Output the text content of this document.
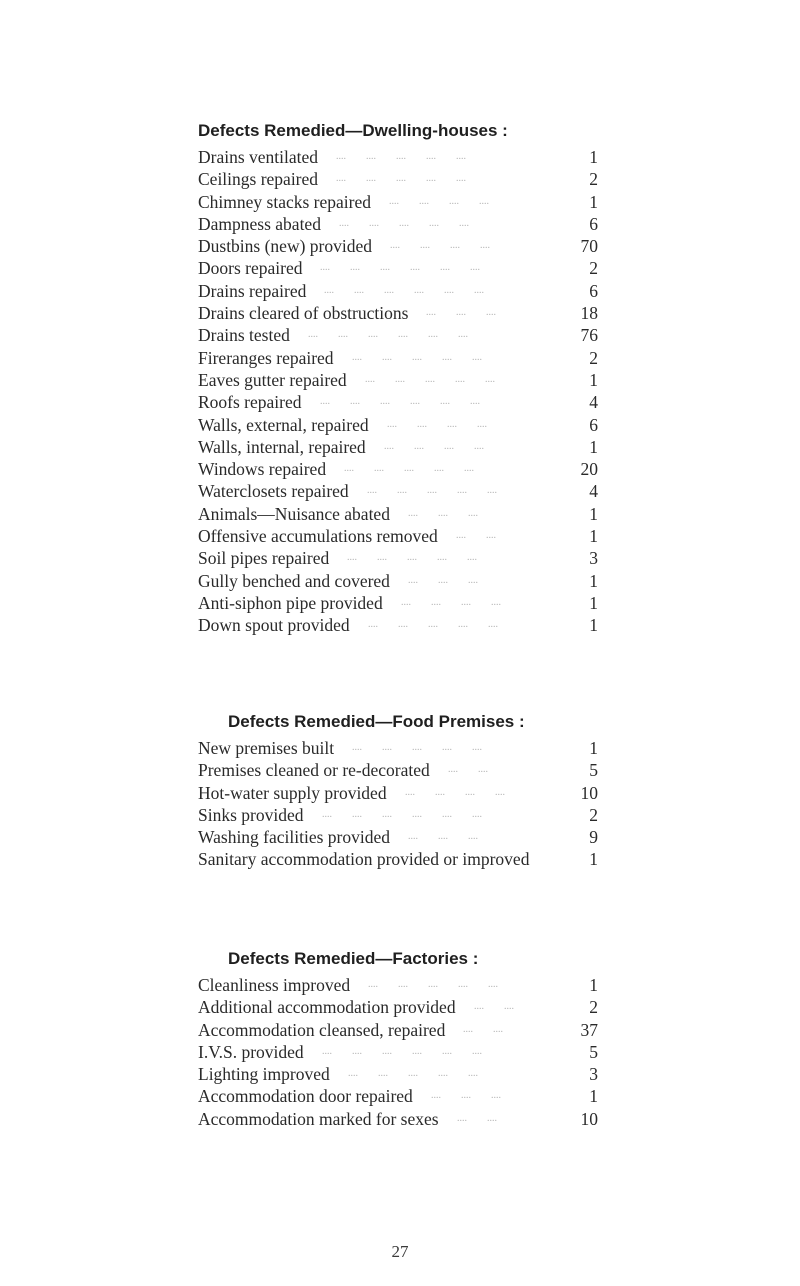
Defects Remedied—Dwelling-houses :
Drains ventilated ....  ....  ....  ....  ....  	1
Ceilings repaired ....  ....  ....  ....  ....  	2
Chimney stacks repaired ....  ....  ....  ....  	1
Dampness abated ....  ....  ....  ....  ....  	6
Dustbins (new) provided ....  ....  ....  ....  	70
Doors repaired ....  ....  ....  ....  ....  ....  	2
Drains repaired ....  ....  ....  ....  ....  ....  	6
Drains cleared of obstructions ....  ....  ....  	18
Drains tested ....  ....  ....  ....  ....  ....  	76
Fireranges repaired ....  ....  ....  ....  ....  	2
Eaves gutter repaired ....  ....  ....  ....  ....  	1
Roofs repaired ....  ....  ....  ....  ....  ....  	4
Walls, external, repaired ....  ....  ....  ....  	6
Walls, internal, repaired ....  ....  ....  ....  	1
Windows repaired ....  ....  ....  ....  ....  	20
Waterclosets repaired ....  ....  ....  ....  ....  	4
Animals—Nuisance abated ....  ....  ....  	1
Offensive accumulations removed ....  ....  	1
Soil pipes repaired ....  ....  ....  ....  ....  	3
Gully benched and covered ....  ....  ....  	1
Anti-siphon pipe provided ....  ....  ....  ....  	1
Down spout provided ....  ....  ....  ....  ....  	1
Defects Remedied—Food Premises :
New premises built ....  ....  ....  ....  ....  	1
Premises cleaned or re-decorated ....  ....  	5
Hot-water supply provided ....  ....  ....  ....  	10
Sinks provided ....  ....  ....  ....  ....  ....  	2
Washing facilities provided ....  ....  ....  	9
Sanitary accommodation provided or improved	1
Defects Remedied—Factories :
Cleanliness improved ....  ....  ....  ....  ....  	1
Additional accommodation provided ....  ....  	2
Accommodation cleansed, repaired ....  ....  	37
I.V.S. provided ....  ....  ....  ....  ....  ....  	5
Lighting improved ....  ....  ....  ....  ....  	3
Accommodation door repaired ....  ....  ....  	1
Accommodation marked for sexes ....  ....  	10
27
